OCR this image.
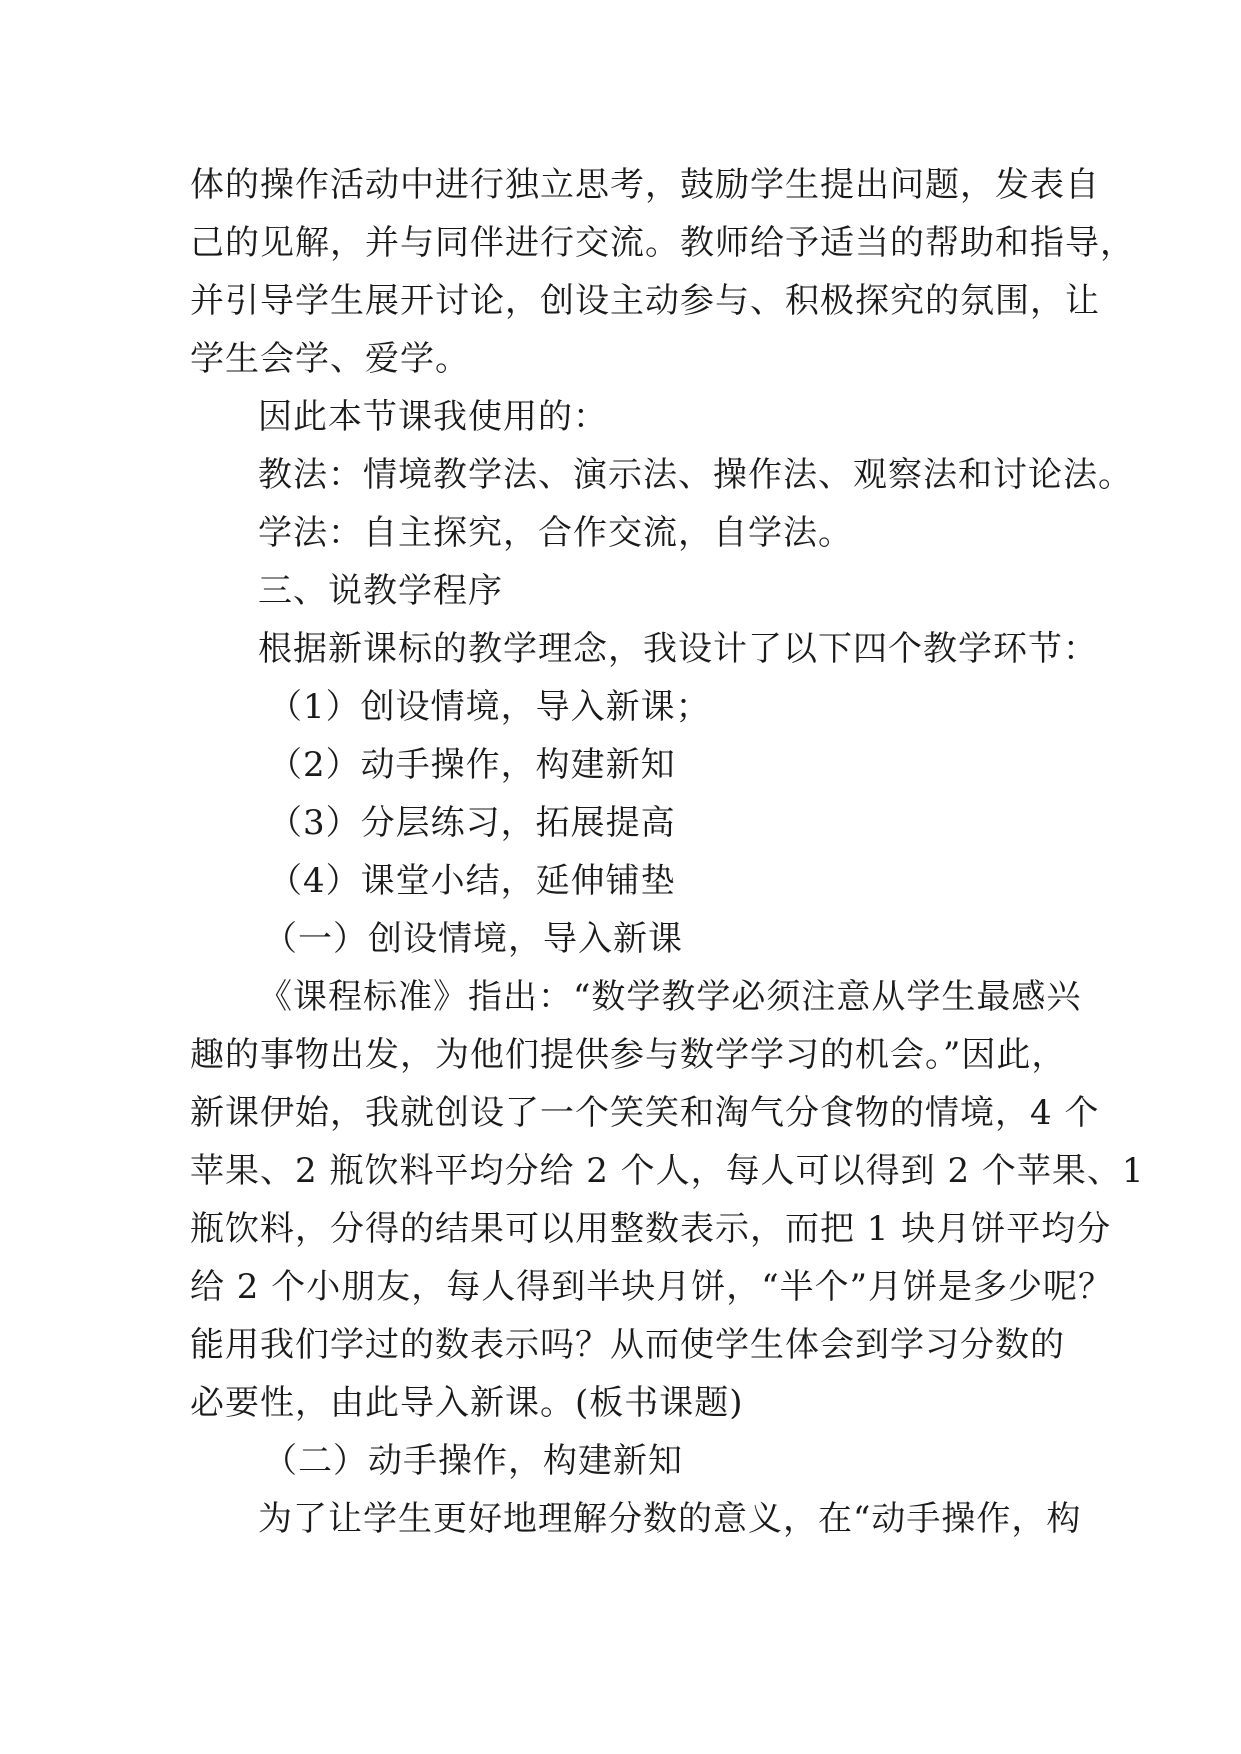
体的操作活动中进行独立思考，鼓励学生提出问题，发表自
己的见解，并与同伴进行交流。教师给予适当的帮助和指导，
并引导学生展开讨论，创设主动参与、积极探究的氛围，让
学生会学、爱学。
因此本节课我使用的：
教法：情境教学法、演示法、操作法、观察法和讨论法。
学法：自主探究，合作交流，自学法。
三、说教学程序
根据新课标的教学理念，我设计了以下四个教学环节：
（1）创设情境，导入新课；
（2）动手操作，构建新知
（3）分层练习，拓展提高
（4）课堂小结，延伸铺垫
（一）创设情境，导入新课
《课程标准》指出：“数学教学必须注意从学生最感兴
趣的事物出发，为他们提供参与数学学习的机会。”因此，
新课伊始，我就创设了一个笑笑和淘气分食物的情境，4 个
苹果、2 瓶饮料平均分给 2 个人，每人可以得到 2 个苹果、1
瓶饮料，分得的结果可以用整数表示，而把 1 块月饼平均分
给 2 个小朋友，每人得到半块月饼，“半个”月饼是多少呢？
能用我们学过的数表示吗？从而使学生体会到学习分数的
必要性，由此导入新课。(板书课题)
（二）动手操作，构建新知
为了让学生更好地理解分数的意义，在“动手操作，构
